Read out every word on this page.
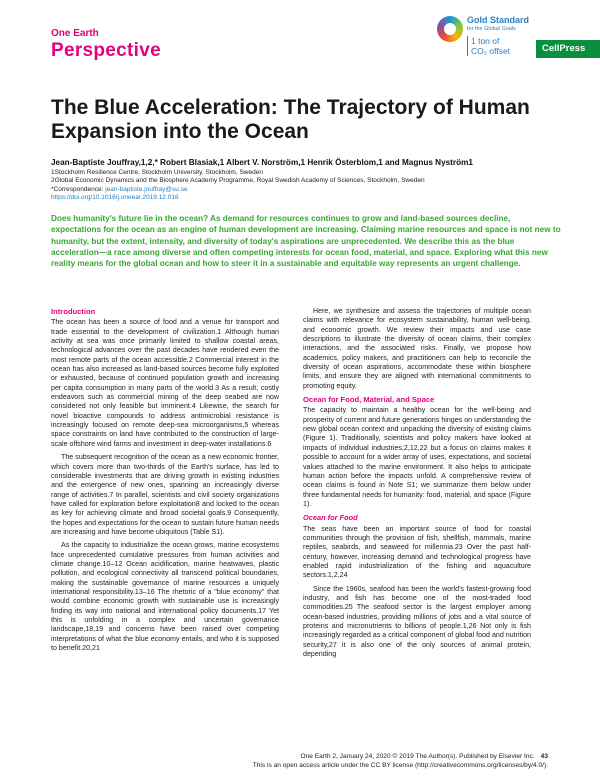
One Earth
Perspective
Gold Standard
for the Global Goals
1 ton of
CO₂ offset	CellPress
The Blue Acceleration: The Trajectory of Human Expansion into the Ocean
Jean-Baptiste Jouffray,1,2,* Robert Blasiak,1 Albert V. Norström,1 Henrik Österblom,1 and Magnus Nyström1
1Stockholm Resilience Centre, Stockholm University, Stockholm, Sweden
2Global Economic Dynamics and the Biosphere Academy Programme, Royal Swedish Academy of Sciences, Stockholm, Sweden
*Correspondence: jean-baptiste.jouffray@su.se
https://doi.org/10.1016/j.oneear.2019.12.016
Does humanity's future lie in the ocean? As demand for resources continues to grow and land-based sources decline, expectations for the ocean as an engine of human development are increasing. Claiming marine resources and space is not new to humanity, but the extent, intensity, and diversity of today's aspirations are unprecedented. We describe this as the blue acceleration—a race among diverse and often competing interests for ocean food, material, and space. Exploring what this new reality means for the global ocean and how to steer it in a sustainable and equitable way represents an urgent challenge.
Introduction

The ocean has been a source of food and a venue for transport and trade essential to the development of civilization.1 Although human activity at sea was once primarily limited to shallow coastal areas, technological advances over the past decades have rendered even the most remote parts of the ocean accessible.2 Commercial interest in the ocean has also increased as land-based sources become fully exploited or exhausted, because of continued population growth and increasing per capita consumption in many parts of the world.3 As a result, costly endeavors such as commercial mining of the deep seabed are now considered not only feasible but imminent.4 Likewise, the search for novel bioactive compounds to address antimicrobial resistance is increasingly focused on remote deep-sea microorganisms,5 whereas space constraints on land have contributed to the construction of large-scale offshore wind farms and investment in deep-water installations.6

The subsequent recognition of the ocean as a new economic frontier, which covers more than two-thirds of the Earth's surface, has led to considerable investments that are driving growth in existing industries and the emergence of new ones, spanning an increasingly diverse range of activities.7 In parallel, scientists and civil society organizations have called for exploration before exploitation8 and locked to the ocean as key for achieving climate and broad societal goals.9 Consequently, the hopes and expectations for the ocean to sustain future human needs are increasing and have become ubiquitous (Table S1).

As the capacity to industrialize the ocean grows, marine ecosystems face unprecedented cumulative pressures from human activities and climate change.10–12 Ocean acidification, marine heatwaves, plastic pollution, and ecological connectivity all transcend political boundaries, making the sustainable governance of marine resources a uniquely international responsibility.13–16 The rhetoric of a "blue economy" that would combine economic growth with sustainable use is increasingly finding its way into national and international policy documents.17 Yet this is unfolding in a complex and uncertain governance landscape,18,19 and concerns have been raised over competing interpretations of what the blue economy entails, and who it is supposed to benefit.20,21

Here, we synthesize and assess the trajectories of multiple ocean claims with relevance for ecosystem sustainability, human well-being, and economic growth. We review their impacts and use case descriptions to illustrate the diversity of ocean claims, their complex interactions, and the associated risks. Finally, we propose how academics, policy makers, and practitioners can help to reconcile the diversity of ocean aspirations, accommodate these within biosphere limits, and ensure they are aligned with international commitments to promoting equity.

Ocean for Food, Material, and Space

The capacity to maintain a healthy ocean for the well-being and prosperity of current and future generations hinges on understanding the new global ocean context and unpacking the diversity of existing claims (Figure 1). Traditionally, scientists and policy makers have looked at impacts of individual industries,2,12,22 but a focus on claims makes it possible to account for a wider array of uses, expectations, and societal values attached to the marine environment. It also helps to anticipate human action before the impacts unfold. A comprehensive review of ocean claims is found in Note S1; we summarize them below under three fundamental needs for humanity: food, material, and space (Figure 1).

Ocean for Food

The seas have been an important source of food for coastal communities through the provision of fish, shellfish, mammals, marine reptiles, seabirds, and seaweed for millennia.23 Over the past half-century, however, increasing demand and technological progress have enabled rapid industrialization of the fishing and aquaculture sectors.1,2,24

Since the 1960s, seafood has been the world's fastest-growing food industry, and fish has become one of the most-traded food commodities.25 The seafood sector is the largest employer among ocean-based industries, providing millions of jobs and a vital source of proteins and micronutrients to billions of people.1,26 Not only is fish increasingly regarded as a critical component of global food and nutrition security,27 it is also one of the only sources of animal protein, depending

One Earth 2, January 24, 2020 © 2019 The Author(s). Published by Elsevier Inc. 43
This is an open access article under the CC BY license (http://creativecommons.org/licenses/by/4.0/).
